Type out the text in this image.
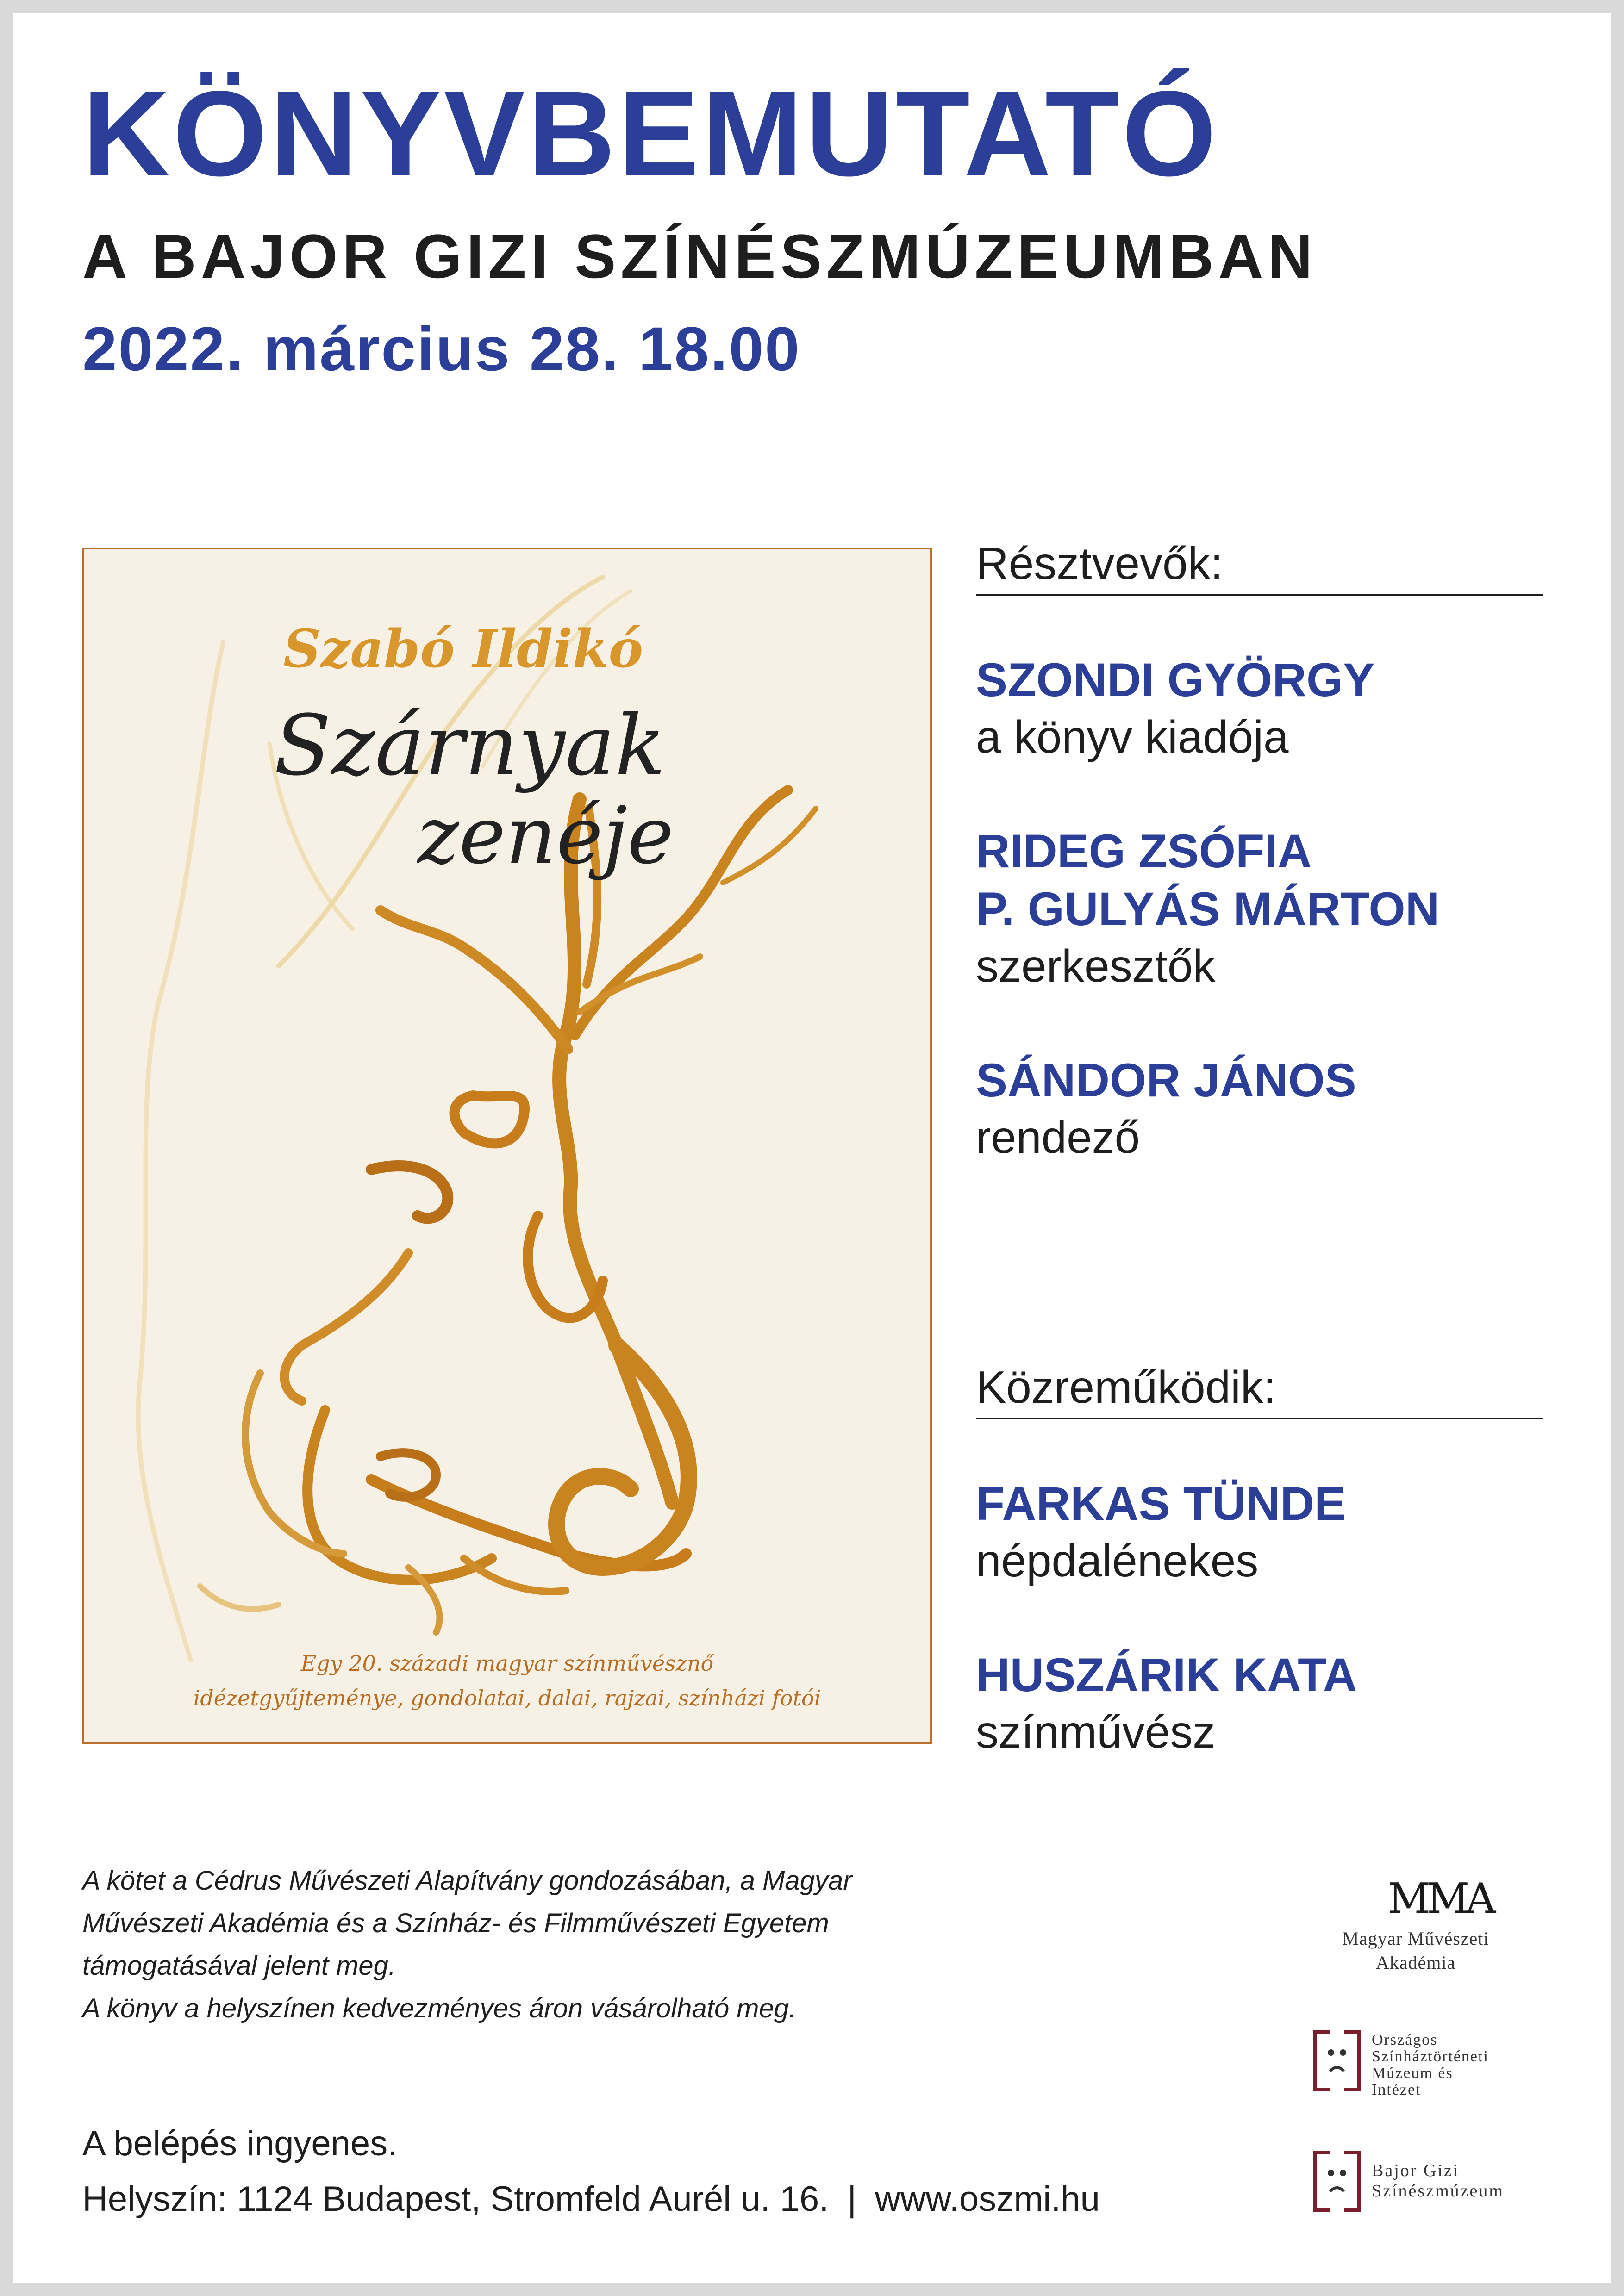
KÖNYVBEMUTATÓ
A BAJOR GIZI SZÍNÉSZMÚZEUMBAN
2022. március 28. 18.00
Szabó Ildikó
Szárnyak
zenéje
Egy 20. századi magyar színművésznő
idézetgyűjteménye, gondolatai, dalai, rajzai, színházi fotói
Résztvevők:
SZONDI GYÖRGY
a könyv kiadója
RIDEG ZSÓFIA
P. GULYÁS MÁRTON
szerkesztők
SÁNDOR JÁNOS
rendező
Közreműködik:
FARKAS TÜNDE
népdalénekes
HUSZÁRIK KATA
színművész

A kötet a Cédrus Művészeti Alapítvány gondozásában, a Magyar

Művészeti Akadémia és a Színház- és Filmművészeti Egyetem

támogatásával jelent meg.

A könyv a helyszínen kedvezményes áron vásárolható meg.

A belépés ingyenes.
Helyszín: 1124 Budapest, Stromfeld Aurél u. 16. | www.oszmi.hu
MMA
Magyar Művészeti
Akadémia
Országos
Színháztörténeti
Múzeum és
Intézet
Bajor Gizi
Színészmúzeum
